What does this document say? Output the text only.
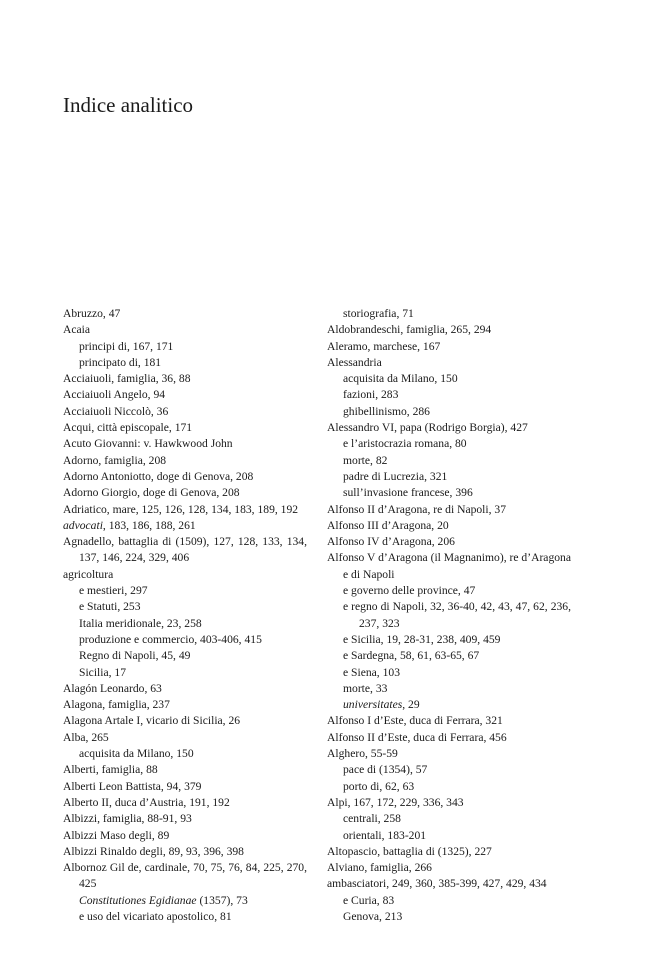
Indice analitico
Abruzzo, 47
Acaia
principi di, 167, 171
principato di, 181
Acciaiuoli, famiglia, 36, 88
Acciaiuoli Angelo, 94
Acciaiuoli Niccolò, 36
Acqui, città episcopale, 171
Acuto Giovanni: v. Hawkwood John
Adorno, famiglia, 208
Adorno Antoniotto, doge di Genova, 208
Adorno Giorgio, doge di Genova, 208
Adriatico, mare, 125, 126, 128, 134, 183, 189, 192
advocati, 183, 186, 188, 261
Agnadello, battaglia di (1509), 127, 128, 133, 134, 137, 146, 224, 329, 406
agricoltura
e mestieri, 297
e Statuti, 253
Italia meridionale, 23, 258
produzione e commercio, 403-406, 415
Regno di Napoli, 45, 49
Sicilia, 17
Alagón Leonardo, 63
Alagona, famiglia, 237
Alagona Artale I, vicario di Sicilia, 26
Alba, 265
acquisita da Milano, 150
Alberti, famiglia, 88
Alberti Leon Battista, 94, 379
Alberto II, duca d’Austria, 191, 192
Albizzi, famiglia, 88-91, 93
Albizzi Maso degli, 89
Albizzi Rinaldo degli, 89, 93, 396, 398
Albornoz Gil de, cardinale, 70, 75, 76, 84, 225, 270, 425
Constitutiones Egidianae (1357), 73
e uso del vicariato apostolico, 81
storiografia, 71
Aldobrandeschi, famiglia, 265, 294
Aleramo, marchese, 167
Alessandria
acquisita da Milano, 150
fazioni, 283
ghibellinismo, 286
Alessandro VI, papa (Rodrigo Borgia), 427
e l’aristocrazia romana, 80
morte, 82
padre di Lucrezia, 321
sull’invasione francese, 396
Alfonso II d’Aragona, re di Napoli, 37
Alfonso III d’Aragona, 20
Alfonso IV d’Aragona, 206
Alfonso V d’Aragona (il Magnanimo), re d’Aragona e di Napoli
e governo delle province, 47
e regno di Napoli, 32, 36-40, 42, 43, 47, 62, 236, 237, 323
e Sicilia, 19, 28-31, 238, 409, 459
e Sardegna, 58, 61, 63-65, 67
e Siena, 103
morte, 33
universitates, 29
Alfonso I d’Este, duca di Ferrara, 321
Alfonso II d’Este, duca di Ferrara, 456
Alghero, 55-59
pace di (1354), 57
porto di, 62, 63
Alpi, 167, 172, 229, 336, 343
centrali, 258
orientali, 183-201
Altopascio, battaglia di (1325), 227
Alviano, famiglia, 266
ambasciatori, 249, 360, 385-399, 427, 429, 434
e Curia, 83
Genova, 213
